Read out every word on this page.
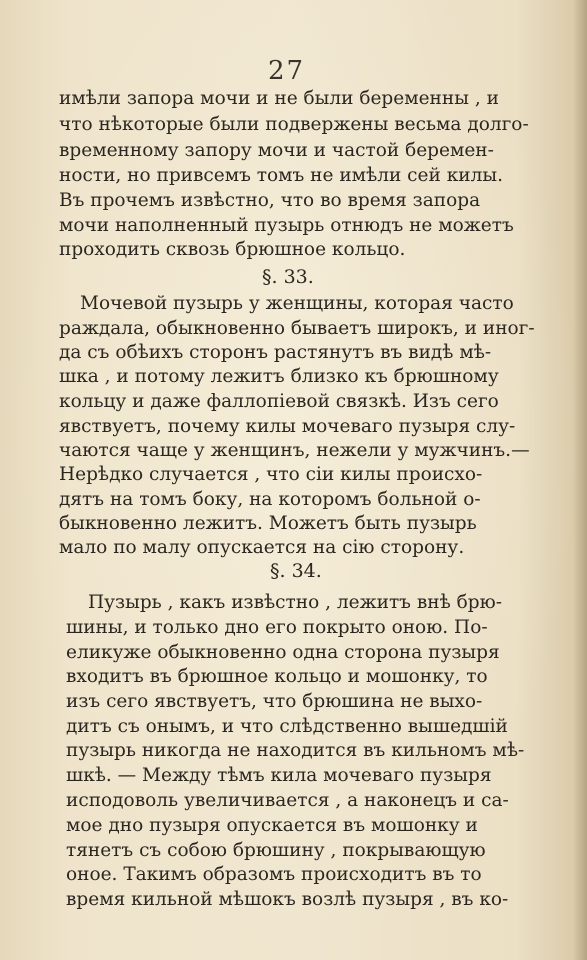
27
имѣли запора мочи и не были беременны , и
что нѣкоторые были подвержены весьма долго-
временному запору мочи и частой беремен-
ности, но привсемъ томъ не имѣли сей килы.
Въ прочемъ извѣстно, что во время запора
мочи наполненный пузырь отнюдъ не можетъ
проходить сквозь брюшное кольцо.
§. 33.
Мочевой пузырь у женщины, которая часто
раждала, обыкновенно бываетъ широкъ, и иног-
да съ обѣихъ сторонъ растянутъ въ видѣ мѣ-
шка , и потому лежитъ близко къ брюшному
кольцу и даже фаллопіевой связкѣ. Изъ сего
явствуетъ, почему килы мочеваго пузыря слу-
чаются чаще у женщинъ, нежели у мужчинъ.—
Нерѣдко случается , что сіи килы происхо-
дятъ на томъ боку, на которомъ больной о-
быкновенно лежитъ. Можетъ быть пузырь
мало по малу опускается на сію сторону.
§. 34.
Пузырь , какъ извѣстно , лежитъ внѣ брю-
шины, и только дно его покрыто оною. По-
еликуже обыкновенно одна сторона пузыря
входитъ въ брюшное кольцо и мошонку, то
изъ сего явствуетъ, что брюшина не выхо-
дитъ съ онымъ, и что слѣдственно вышедшій
пузырь никогда не находится въ кильномъ мѣ-
шкѣ. — Между тѣмъ кила мочеваго пузыря
исподоволь увеличивается , а наконецъ и са-
мое дно пузыря опускается въ мошонку и
тянетъ съ собою брюшину , покрывающую
оное. Такимъ образомъ происходитъ въ то
время кильной мѣшокъ возлѣ пузыря , въ ко-
